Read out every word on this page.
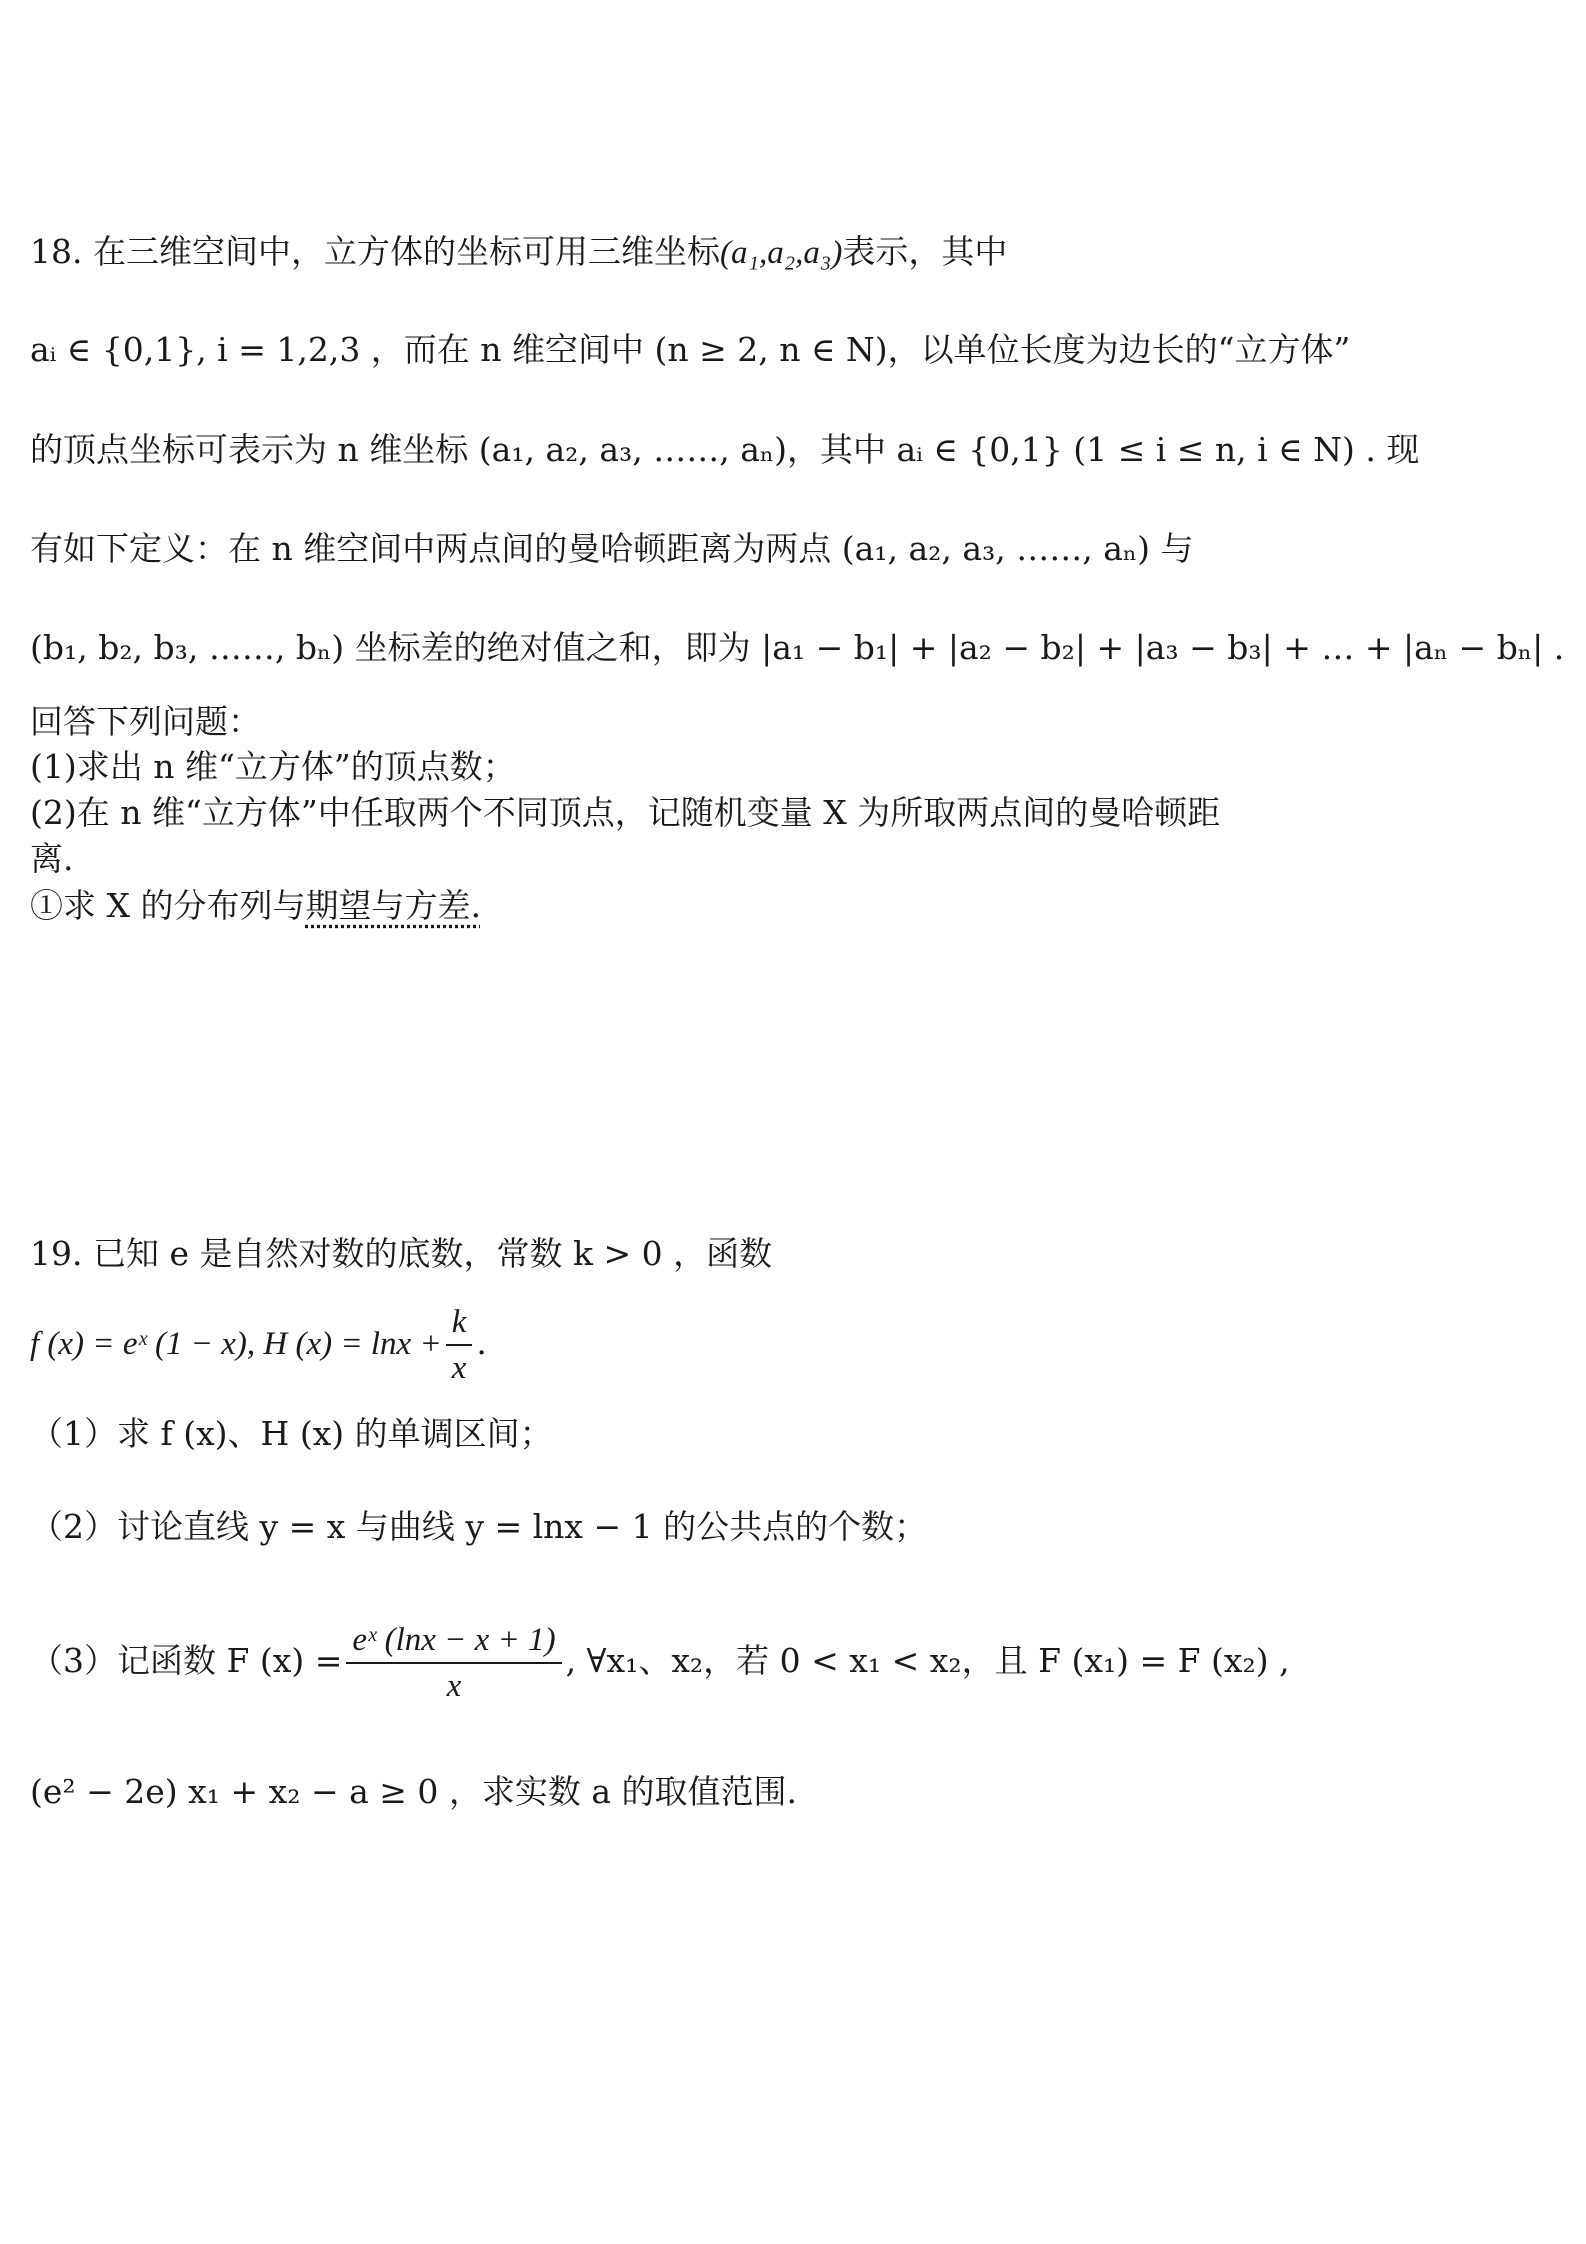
18. 在三维空间中，立方体的坐标可用三维坐标(a₁,a₂,a₃)表示，其中
aᵢ ∈ {0,1}, i = 1,2,3 ，而在 n 维空间中 (n ≥ 2, n ∈ N)，以单位长度为边长的“立方体”
的顶点坐标可表示为 n 维坐标 (a₁, a₂, a₃, ……, aₙ)，其中 aᵢ ∈ {0,1} (1 ≤ i ≤ n, i ∈ N) . 现
有如下定义：在 n 维空间中两点间的曼哈顿距离为两点 (a₁, a₂, a₃, ……, aₙ) 与
(b₁, b₂, b₃, ……, bₙ) 坐标差的绝对值之和，即为 |a₁ − b₁| + |a₂ − b₂| + |a₃ − b₃| + … + |aₙ − bₙ| .
回答下列问题：
(1)求出 n 维“立方体”的顶点数；
(2)在 n 维“立方体”中任取两个不同顶点，记随机变量 X 为所取两点间的曼哈顿距
离.
①求 X 的分布列与期望与方差.
19. 已知 e 是自然对数的底数，常数 k > 0 ，函数
f (x) = eˣ (1 − x), H $(x) = \ln x + \frac{k}{x}$ .
（1）求 f (x)、H (x) 的单调区间；
（2）讨论直线 y = x 与曲线 y = lnx − 1 的公共点的个数；
（3）记函数 F $(x) = \frac{\text{eˣ (lnx − x + 1)}}{x}$ , ∀x₁、x₂，若 0 < x₁ < x₂，且 F (x₁) = F (x₂) ,
(e² − 2e) x₁ + x₂ − a ≥ 0 ，求实数 a 的取值范围.
